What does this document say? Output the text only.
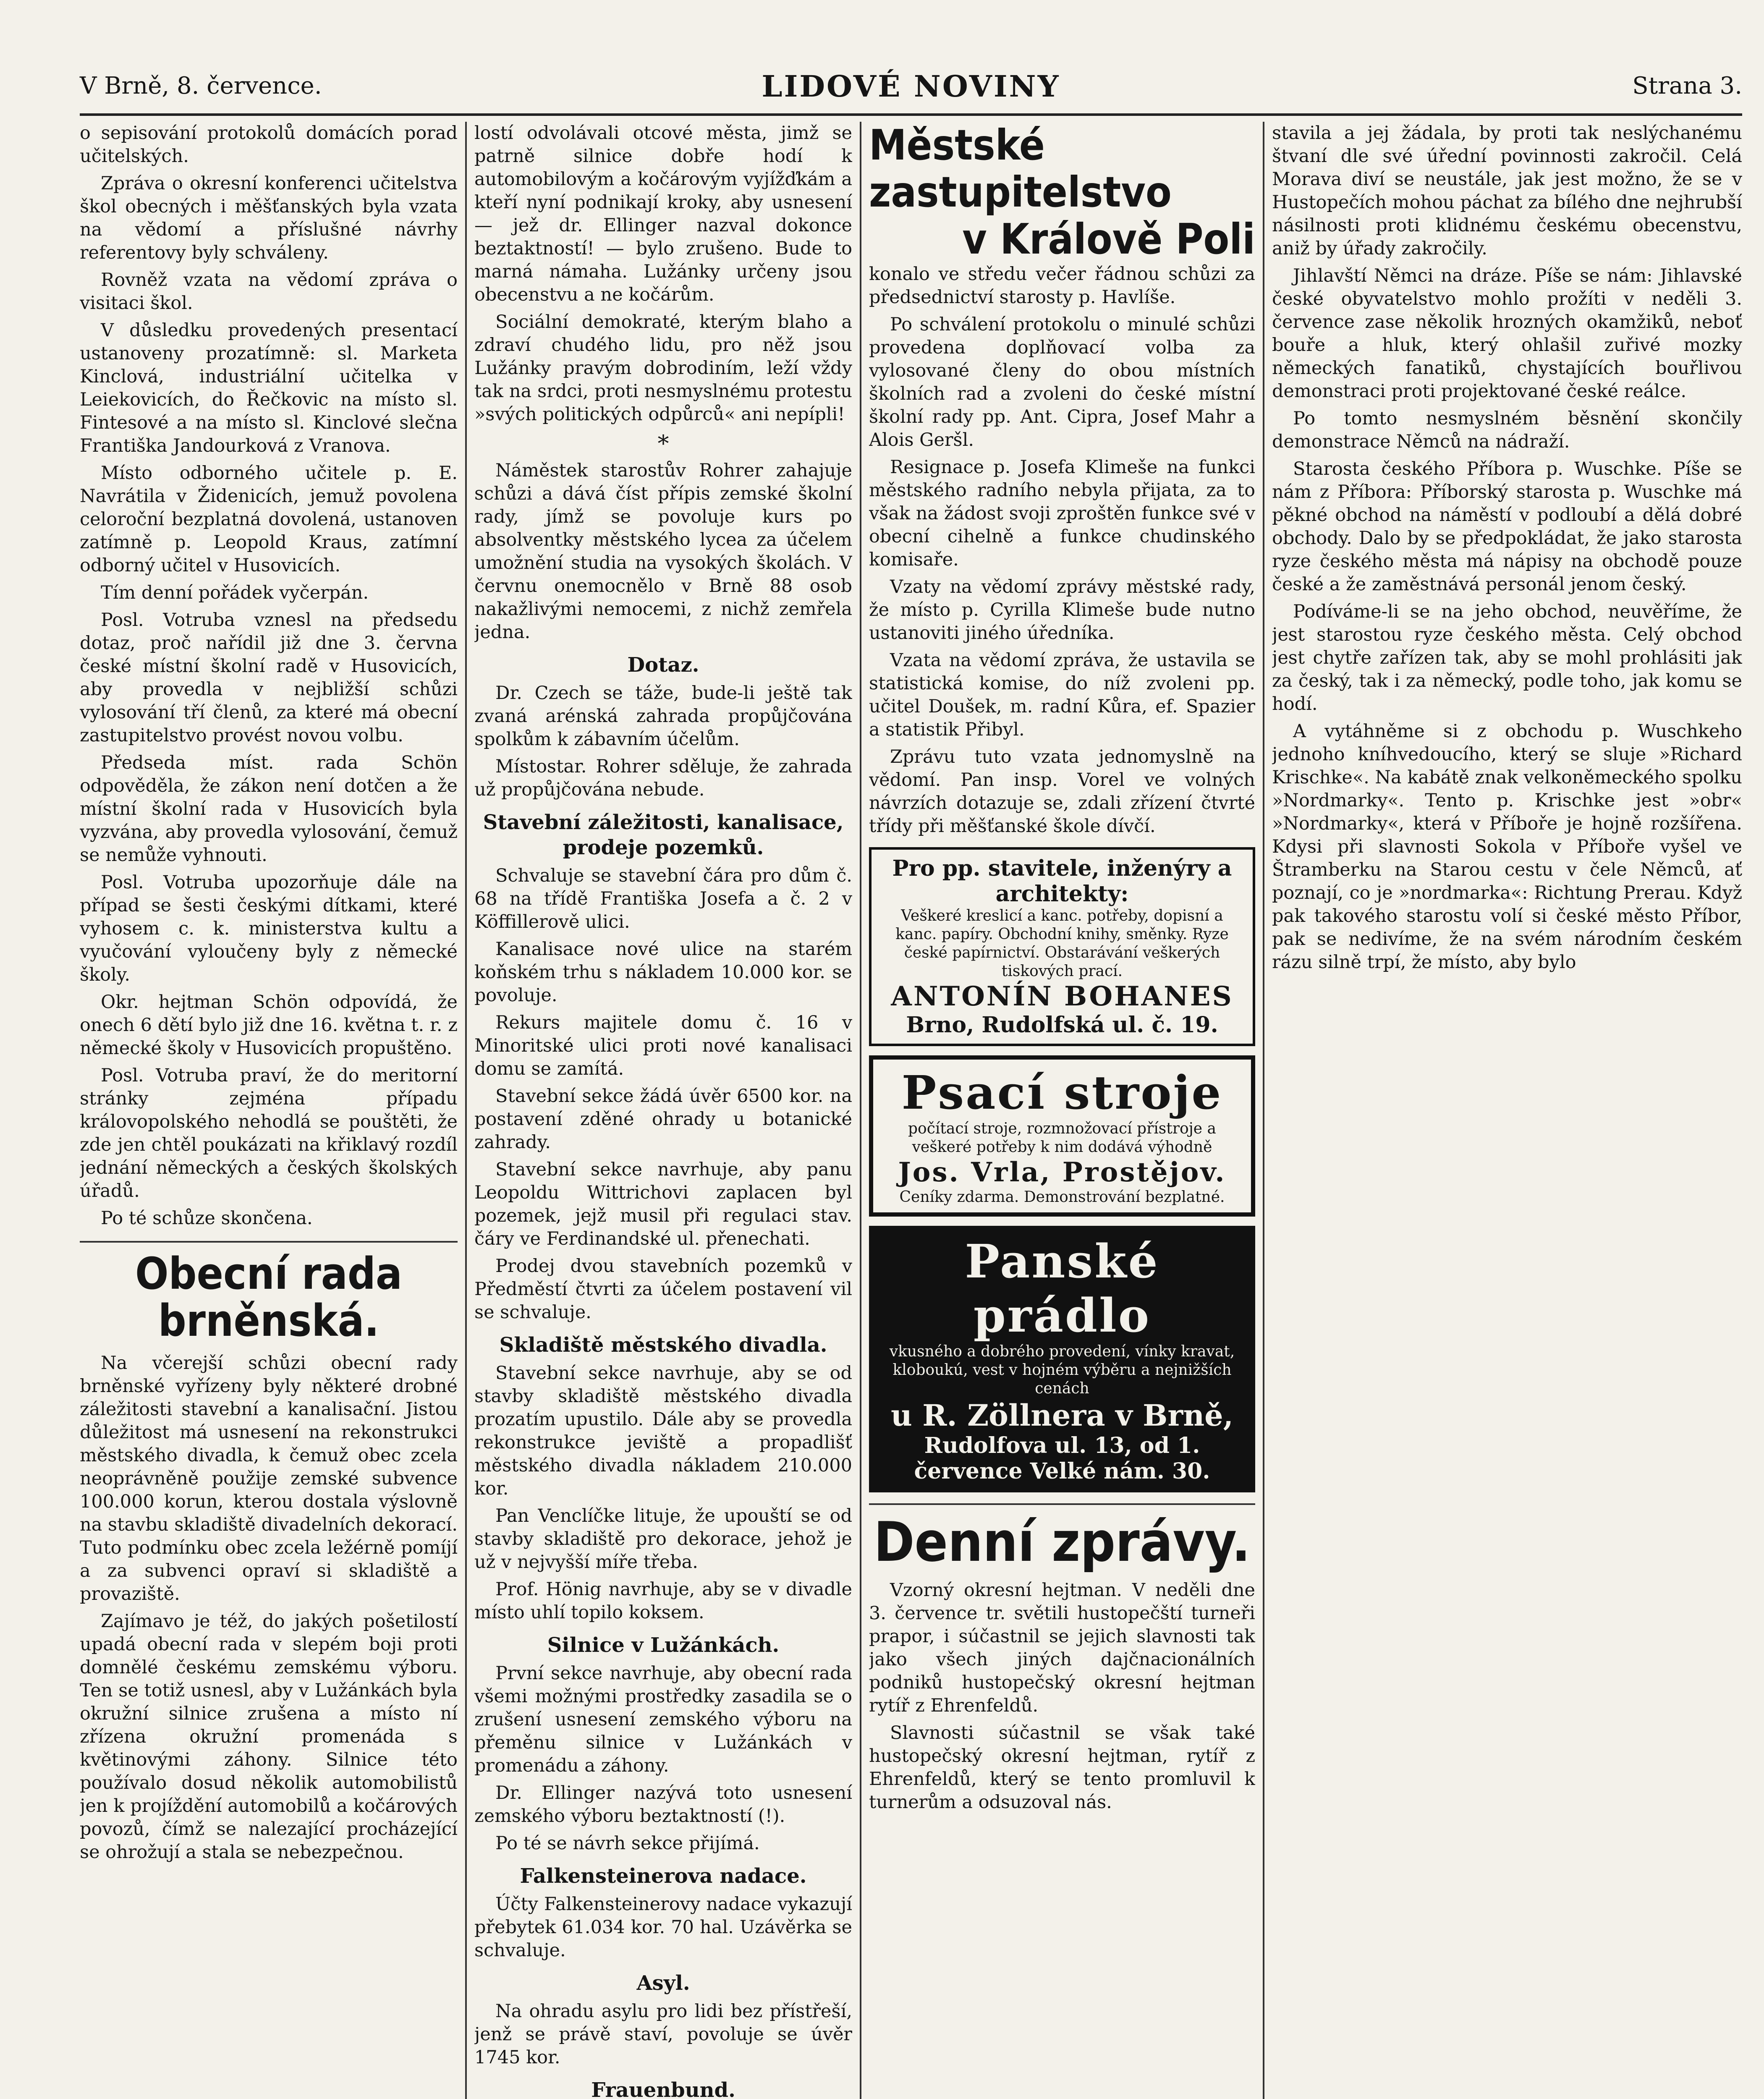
V Brně, 8. července.	LIDOVÉ NOVINY	Strana 3.

o sepisování protokolů domácích porad učitelských.

Zpráva o okresní konferenci učitelstva škol obecných i měšťanských byla vzata na vědomí a příslušné návrhy referentovy byly schváleny.

Rovněž vzata na vědomí zpráva o visitaci škol.

V důsledku provedených presentací ustanoveny prozatímně: sl. Marketa Kinclová, industriální učitelka v Leiekovicích, do Řečkovic na místo sl. Fintesové a na místo sl. Kinclové slečna Františka Jandourková z Vranova.

Místo odborného učitele p. E. Navrátila v Židenicích, jemuž povolena celoroční bezplatná dovolená, ustanoven zatímně p. Leopold Kraus, zatímní odborný učitel v Husovicích.

Tím denní pořádek vyčerpán.

Posl. Votruba vznesl na předsedu dotaz, proč nařídil již dne 3. června české místní školní radě v Husovicích, aby provedla v nejbližší schůzi vylosování tří členů, za které má obecní zastupitelstvo provést novou volbu.

Předseda míst. rada Schön odpověděla, že zákon není dotčen a že místní školní rada v Husovicích byla vyzvána, aby provedla vylosování, čemuž se nemůže vyhnouti.

Posl. Votruba upozorňuje dále na případ se šesti českými dítkami, které vyhosem c. k. ministerstva kultu a vyučování vyloučeny byly z německé školy.

Okr. hejtman Schön odpovídá, že onech 6 dětí bylo již dne 16. května t. r. z německé školy v Husovicích propuštěno.

Posl. Votruba praví, že do meritorní stránky zejména případu královopolského nehodlá se pouštěti, že zde jen chtěl poukázati na křiklavý rozdíl jednání německých a českých školských úřadů.

Po té schůze skončena.

Obecní rada brněnská.

Na včerejší schůzi obecní rady brněnské vyřízeny byly některé drobné záležitosti stavební a kanalisační. Jistou důležitost má usnesení na rekonstrukci městského divadla, k čemuž obec zcela neoprávněně použije zemské subvence 100.000 korun, kterou dostala výslovně na stavbu skladiště divadelních dekorací. Tuto podmínku obec zcela ležérně pomíjí a za subvenci opraví si skladiště a provaziště.

Zajímavo je též, do jakých pošetilostí upadá obecní rada v slepém boji proti domnělé českému zemskému výboru. Ten se totiž usnesl, aby v Lužánkách byla okružní silnice zrušena a místo ní zřízena okružní promenáda s květinovými záhony. Silnice této používalo dosud několik automobilistů jen k projíždění automobilů a kočárových povozů, čímž se nalezající procházející se ohrožují a stala se nebezpečnou.

lostí odvolávali otcové města, jimž se patrně silnice dobře hodí k automobilovým a kočárovým vyjížďkám a kteří nyní podnikají kroky, aby usnesení — jež dr. Ellinger nazval dokonce beztaktností! — bylo zrušeno. Bude to marná námaha. Lužánky určeny jsou obecenstvu a ne kočárům.

Sociální demokraté, kterým blaho a zdraví chudého lidu, pro něž jsou Lužánky pravým dobrodiním, leží vždy tak na srdci, proti nesmyslnému protestu »svých politických odpůrců« ani nepípli!

*

Náměstek starostův Rohrer zahajuje schůzi a dává číst přípis zemské školní rady, jímž se povoluje kurs po absolventky městského lycea za účelem umožnění studia na vysokých školách. V červnu onemocnělo v Brně 88 osob nakažlivými nemocemi, z nichž zemřela jedna.

Dotaz.

Dr. Czech se táže, bude-li ještě tak zvaná arénská zahrada propůjčována spolkům k zábavním účelům.

Místostar. Rohrer sděluje, že zahrada už propůjčována nebude.

Stavební záležitosti, kanalisace, prodeje pozemků.

Schvaluje se stavební čára pro dům č. 68 na třídě Františka Josefa a č. 2 v Köffillerově ulici.

Kanalisace nové ulice na starém koňském trhu s nákladem 10.000 kor. se povoluje.

Rekurs majitele domu č. 16 v Minoritské ulici proti nové kanalisaci domu se zamítá.

Stavební sekce žádá úvěr 6500 kor. na postavení zděné ohrady u botanické zahrady.

Stavební sekce navrhuje, aby panu Leopoldu Wittrichovi zaplacen byl pozemek, jejž musil při regulaci stav. čáry ve Ferdinandské ul. přenechati.

Prodej dvou stavebních pozemků v Předměstí čtvrti za účelem postavení vil se schvaluje.

Skladiště městského divadla.

Stavební sekce navrhuje, aby se od stavby skladiště městského divadla prozatím upustilo. Dále aby se provedla rekonstrukce jeviště a propadlišť městského divadla nákladem 210.000 kor.

Pan Venclíčke lituje, že upouští se od stavby skladiště pro dekorace, jehož je už v nejvyšší míře třeba.

Prof. Hönig navrhuje, aby se v divadle místo uhlí topilo koksem.

Silnice v Lužánkách.

První sekce navrhuje, aby obecní rada všemi možnými prostředky zasadila se o zrušení usnesení zemského výboru na přeměnu silnice v Lužánkách v promenádu a záhony.

Dr. Ellinger nazývá toto usnesení zemského výboru beztaktností (!).

Po té se návrh sekce přijímá.

Falkensteinerova nadace.

Účty Falkensteinerovy nadace vykazují přebytek 61.034 kor. 70 hal. Uzávěrka se schvaluje.

Asyl.

Na ohradu asylu pro lidi bez přístřeší, jenž se právě staví, povoluje se úvěr 1745 kor.

Frauenbund.

Městské zastupitelstvo
v Králově Poli

konalo ve středu večer řádnou schůzi za předsednictví starosty p. Havlíše.

Po schválení protokolu o minulé schůzi provedena doplňovací volba za vylosované členy do obou místních školních rad a zvoleni do české místní školní rady pp. Ant. Cipra, Josef Mahr a Alois Geršl.

Resignace p. Josefa Klimeše na funkci městského radního nebyla přijata, za to však na žádost svoji zproštěn funkce své v obecní cihelně a funkce chudinského komisaře.

Vzaty na vědomí zprávy městské rady, že místo p. Cyrilla Klimeše bude nutno ustanoviti jiného úředníka.

Vzata na vědomí zpráva, že ustavila se statistická komise, do níž zvoleni pp. učitel Doušek, m. radní Kůra, ef. Spazier a statistik Přibyl.

Zprávu tuto vzata jednomyslně na vědomí. Pan insp. Vorel ve volných návrzích dotazuje se, zdali zřízení čtvrté třídy při měšťanské škole dívčí.

Pro pp. stavitele, inženýry a architekty:
Veškeré kreslicí a kanc. potřeby, dopisní a kanc. papíry. Obchodní knihy, směnky. Ryze české papírnictví. Obstarávání veškerých tiskových prací.
ANTONÍN BOHANES
Brno, Rudolfská ul. č. 19.
Psací stroje
počítací stroje, rozmnožovací přístroje a veškeré potřeby k nim dodává výhodně
Jos. Vrla, Prostějov.
Ceníky zdarma. Demonstrování bezplatné.
Panské prádlo
vkusného a dobrého provedení, vínky kravat, kloboukú, vest v hojném výběru a nejnižších cenách
u R. Zöllnera v Brně,
Rudolfova ul. 13, od 1. července Velké nám. 30.
Denní zprávy.

Vzorný okresní hejtman. V neděli dne 3. července tr. světili hustopečští turneři prapor, i súčastnil se jejich slavnosti tak jako všech jiných dajčnacionálních podniků hustopečský okresní hejtman rytíř z Ehrenfeldů.

Slavnosti súčastnil se však také hustopečský okresní hejtman, rytíř z Ehrenfeldů, který se tento promluvil k turnerům a odsuzoval nás.

stavila a jej žádala, by proti tak neslýchanému štvaní dle své úřední povinnosti zakročil. Celá Morava diví se neustále, jak jest možno, že se v Hustopečích mohou páchat za bílého dne nejhrubší násilnosti proti klidnému českému obecenstvu, aniž by úřady zakročily.

Jihlavští Němci na dráze. Píše se nám: Jihlavské české obyvatelstvo mohlo prožíti v neděli 3. července zase několik hrozných okamžiků, neboť bouře a hluk, který ohlašil zuřivé mozky německých fanatiků, chystajících bouřlivou demonstraci proti projektované české reálce.

Po tomto nesmyslném běsnění skončily demonstrace Němců na nádraží.

Starosta českého Příbora p. Wuschke. Píše se nám z Příbora: Příborský starosta p. Wuschke má pěkné obchod na náměstí v podloubí a dělá dobré obchody. Dalo by se předpokládat, že jako starosta ryze českého města má nápisy na obchodě pouze české a že zaměstnává personál jenom český.

Podíváme-li se na jeho obchod, neuvěříme, že jest starostou ryze českého města. Celý obchod jest chytře zařízen tak, aby se mohl prohlásiti jak za český, tak i za německý, podle toho, jak komu se hodí.

A vytáhněme si z obchodu p. Wuschkeho jednoho kníhvedoucího, který se sluje »Richard Krischke«. Na kabátě znak velkoněmeckého spolku »Nordmarky«. Tento p. Krischke jest »obr« »Nordmarky«, která v Příboře je hojně rozšířena. Kdysi při slavnosti Sokola v Příboře vyšel ve Štramberku na Starou cestu v čele Němců, ať poznají, co je »nordmarka«: Richtung Prerau. Když pak takového starostu volí si české město Příbor, pak se nedivíme, že na svém národním českém rázu silně trpí, že místo, aby bylo
